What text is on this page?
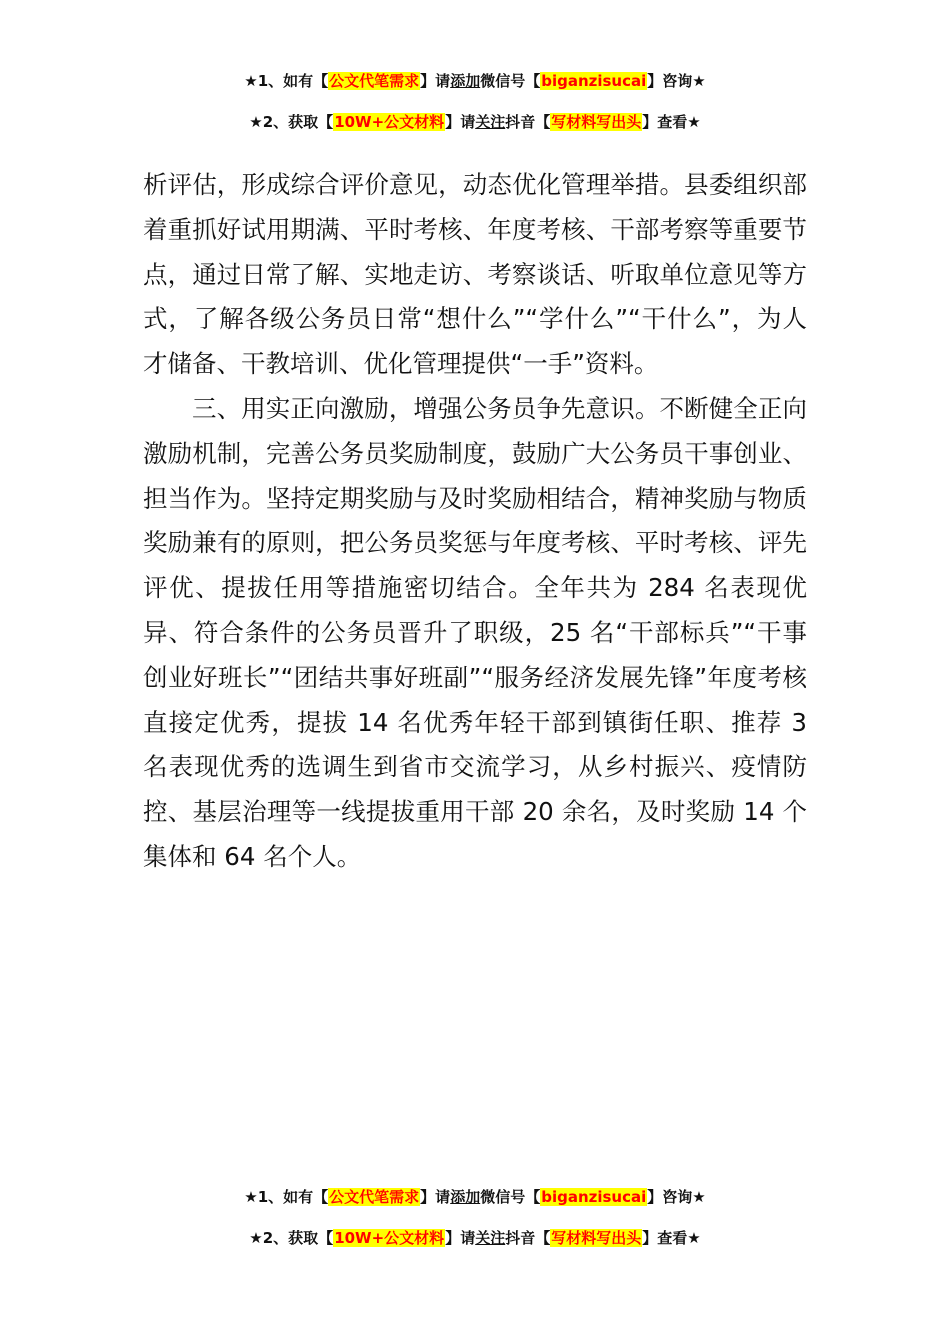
★1、如有【公文代笔需求】请添加微信号【biganzisucai】咨询★
★2、获取【10W+公文材料】请关注抖音【写材料写出头】查看★

析评估，形成综合评价意见，动态优化管理举措。县委组织部着重抓好试用期满、平时考核、年度考核、干部考察等重要节点，通过日常了解、实地走访、考察谈话、听取单位意见等方式，了解各级公务员日常“想什么”“学什么”“干什么”，为人才储备、干教培训、优化管理提供“一手”资料。

三、用实正向激励，增强公务员争先意识。不断健全正向激励机制，完善公务员奖励制度，鼓励广大公务员干事创业、担当作为。坚持定期奖励与及时奖励相结合，精神奖励与物质奖励兼有的原则，把公务员奖惩与年度考核、平时考核、评先评优、提拔任用等措施密切结合。全年共为 284 名表现优异、符合条件的公务员晋升了职级，25 名“干部标兵”“干事创业好班长”“团结共事好班副”“服务经济发展先锋”年度考核直接定优秀，提拔 14 名优秀年轻干部到镇街任职、推荐 3 名表现优秀的选调生到省市交流学习，从乡村振兴、疫情防控、基层治理等一线提拔重用干部 20 余名，及时奖励 14 个集体和 64 名个人。

★1、如有【公文代笔需求】请添加微信号【biganzisucai】咨询★
★2、获取【10W+公文材料】请关注抖音【写材料写出头】查看★
